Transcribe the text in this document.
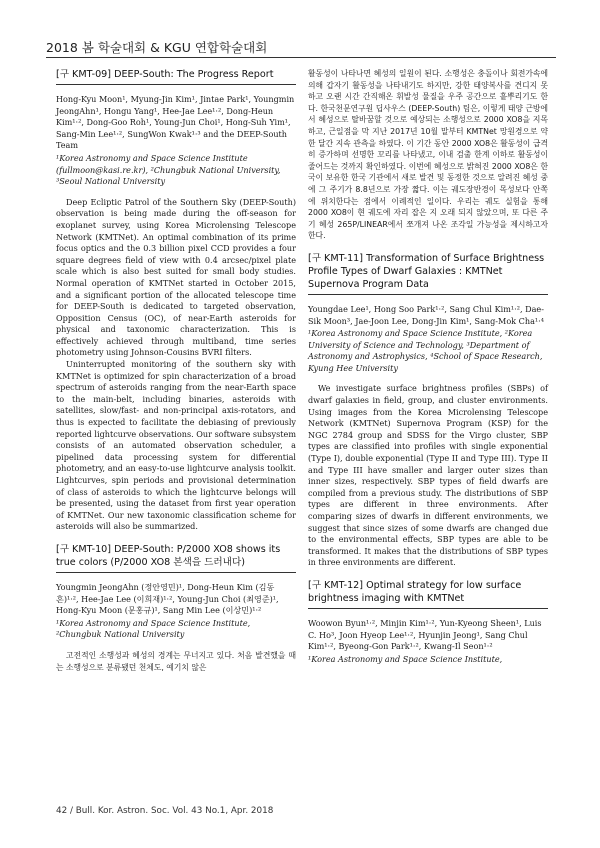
2018 봄 학술대회 & KGU 연합학술대회
[구 KMT-09] DEEP-South: The Progress Report
Hong-Kyu Moon¹, Myung-Jin Kim¹, Jintae Park¹, Youngmin JeongAhn¹, Hongu Yang¹, Hee-Jae Lee¹·², Dong-Heun Kim¹·², Dong-Goo Roh¹, Young-Jun Choi¹, Hong-Suh Yim¹, Sang-Min Lee¹·², SungWon Kwak¹·³ and the DEEP-South Team
¹Korea Astronomy and Space Science Institute (fullmoon@kasi.re.kr), ²Chungbuk National University, ³Seoul National University

Deep Ecliptic Patrol of the Southern Sky (DEEP-South) observation is being made during the off-season for exoplanet survey, using Korea Microlensing Telescope Network (KMTNet). An optimal combination of its prime focus optics and the 0.3 billion pixel CCD provides a four square degrees field of view with 0.4 arcsec/pixel plate scale which is also best suited for small body studies. Normal operation of KMTNet started in October 2015, and a significant portion of the allocated telescope time for DEEP-South is dedicated to targeted observation, Opposition Census (OC), of near-Earth asteroids for physical and taxonomic characterization. This is effectively achieved through multiband, time series photometry using Johnson-Cousins BVRI filters.

Uninterrupted monitoring of the southern sky with KMTNet is optimized for spin characterization of a broad spectrum of asteroids ranging from the near-Earth space to the main-belt, including binaries, asteroids with satellites, slow/fast- and non-principal axis-rotators, and thus is expected to facilitate the debiasing of previously reported lightcurve observations. Our software subsystem consists of an automated observation scheduler, a pipelined data processing system for differential photometry, and an easy-to-use lightcurve analysis toolkit. Lightcurves, spin periods and provisional determination of class of asteroids to which the lightcurve belongs will be presented, using the dataset from first year operation of KMTNet. Our new taxonomic classification scheme for asteroids will also be summarized.

[구 KMT-10] DEEP-South: P/2000 XO8 shows its true colors (P/2000 XO8 본색을 드러내다)
Youngmin JeongAhn (정안영민)¹, Dong-Heun Kim (김동흔)¹·², Hee-Jae Lee (이희재)¹·², Young-Jun Choi (최영준)¹, Hong-Kyu Moon (문홍규)¹, Sang Min Lee (이상민)¹·²
¹Korea Astronomy and Space Science Institute, ²Chungbuk National University

고전적인 소행성과 혜성의 경계는 무너지고 있다. 처음 발견했을 때는 소행성으로 분류됐던 천체도, 예기치 않은

활동성이 나타나면 혜성의 일원이 된다. 소행성은 충돌이나 회전가속에 의해 갑자기 활동성을 나타내기도 하지만, 강한 태양복사를 견디지 못하고 오랜 시간 간직해온 휘발성 물질을 우주 공간으로 흩뿌리기도 한다. 한국천문연구원 딥사우스 (DEEP-South) 팀은, 이렇게 태양 근방에서 혜성으로 탈바꿈할 것으로 예상되는 소행성으로 2000 XO8을 지목하고, 근일점을 막 지난 2017년 10월 말부터 KMTNet 망원경으로 약 한 달간 지속 관측을 하였다. 이 기간 동안 2000 XO8은 활동성이 급격히 증가하며 선명한 꼬리를 나타냈고, 이내 검출 한계 이하로 활동성이 줄어드는 것까지 확인하였다. 이번에 혜성으로 밝혀진 2000 XO8은 한국이 보유한 한국 기관에서 새로 발견 및 동정한 것으로 알려진 혜성 중에 그 주기가 8.8년으로 가장 짧다. 이는 궤도장반경이 목성보다 안쪽에 위치한다는 점에서 이례적인 일이다. 우리는 궤도 실험을 통해 2000 XO8이 현 궤도에 자리 잡은 지 오래 되지 않았으며, 또 다른 주기 혜성 265P/LINEAR에서 쪼개져 나온 조각일 가능성을 제시하고자 한다.

[구 KMT-11] Transformation of Surface Brightness Profile Types of Dwarf Galaxies : KMTNet Supernova Program Data
Youngdae Lee¹, Hong Soo Park¹·², Sang Chul Kim¹·², Dae-Sik Moon³, Jae-Joon Lee, Dong-Jin Kim¹, Sang-Mok Cha¹·⁴
¹Korea Astronomy and Space Science Institute, ²Korea University of Science and Technology, ³Department of Astronomy and Astrophysics, ⁴School of Space Research, Kyung Hee University

We investigate surface brightness profiles (SBPs) of dwarf galaxies in field, group, and cluster environments. Using images from the Korea Microlensing Telescope Network (KMTNet) Supernova Program (KSP) for the NGC 2784 group and SDSS for the Virgo cluster, SBP types are classified into profiles with single exponential (Type I), double exponential (Type II and Type III). Type II and Type III have smaller and larger outer sizes than inner sizes, respectively. SBP types of field dwarfs are compiled from a previous study. The distributions of SBP types are different in three environments. After comparing sizes of dwarfs in different environments, we suggest that since sizes of some dwarfs are changed due to the environmental effects, SBP types are able to be transformed. It makes that the distributions of SBP types in three environments are different.

[구 KMT-12] Optimal strategy for low surface brightness imaging with KMTNet
Woowon Byun¹·², Minjin Kim¹·², Yun-Kyeong Sheen¹, Luis C. Ho³, Joon Hyeop Lee¹·², Hyunjin Jeong¹, Sang Chul Kim¹·², Byeong-Gon Park¹·², Kwang-Il Seon¹·²
¹Korea Astronomy and Space Science Institute,
42 / Bull. Kor. Astron. Soc. Vol. 43 No.1, Apr. 2018
